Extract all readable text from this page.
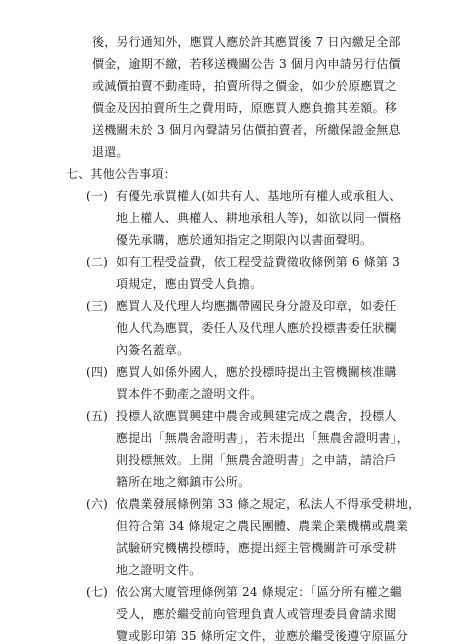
後，另行通知外，應買人應於許其應買後 7 日內繳足全部

價金，逾期不繳，若移送機關公告 3 個月內申請另行估價

或減價拍賣不動產時，拍賣所得之價金，如少於原應買之

價金及因拍賣所生之費用時，原應買人應負擔其差額。移

送機關未於 3 個月內聲請另估價拍賣者，所繳保證金無息

退還。

七、其他公告事項：

(一) 有優先承買權人(如共有人、基地所有權人或承租人、

地上權人、典權人、耕地承租人等)，如欲以同一價格

優先承購，應於通知指定之期限內以書面聲明。

(二) 如有工程受益費，依工程受益費徵收條例第 6 條第 3

項規定，應由買受人負擔。

(三) 應買人及代理人均應攜帶國民身分證及印章，如委任

他人代為應買，委任人及代理人應於投標書委任狀欄

內簽名蓋章。

(四) 應買人如係外國人，應於投標時提出主管機關核准購

買本件不動產之證明文件。

(五) 投標人欲應買興建中農舍或興建完成之農舍，投標人

應提出「無農舍證明書」，若未提出「無農舍證明書」，

則投標無效。上開「無農舍證明書」之申請，請洽戶

籍所在地之鄉鎮市公所。

(六) 依農業發展條例第 33 條之規定，私法人不得承受耕地，

但符合第 34 條規定之農民團體、農業企業機構或農業

試驗研究機構投標時，應提出經主管機關許可承受耕

地之證明文件。

(七) 依公寓大廈管理條例第 24 條規定：「區分所有權之繼

受人，應於繼受前向管理負責人或管理委員會請求閱

覽或影印第 35 條所定文件，並應於繼受後遵守原區分
